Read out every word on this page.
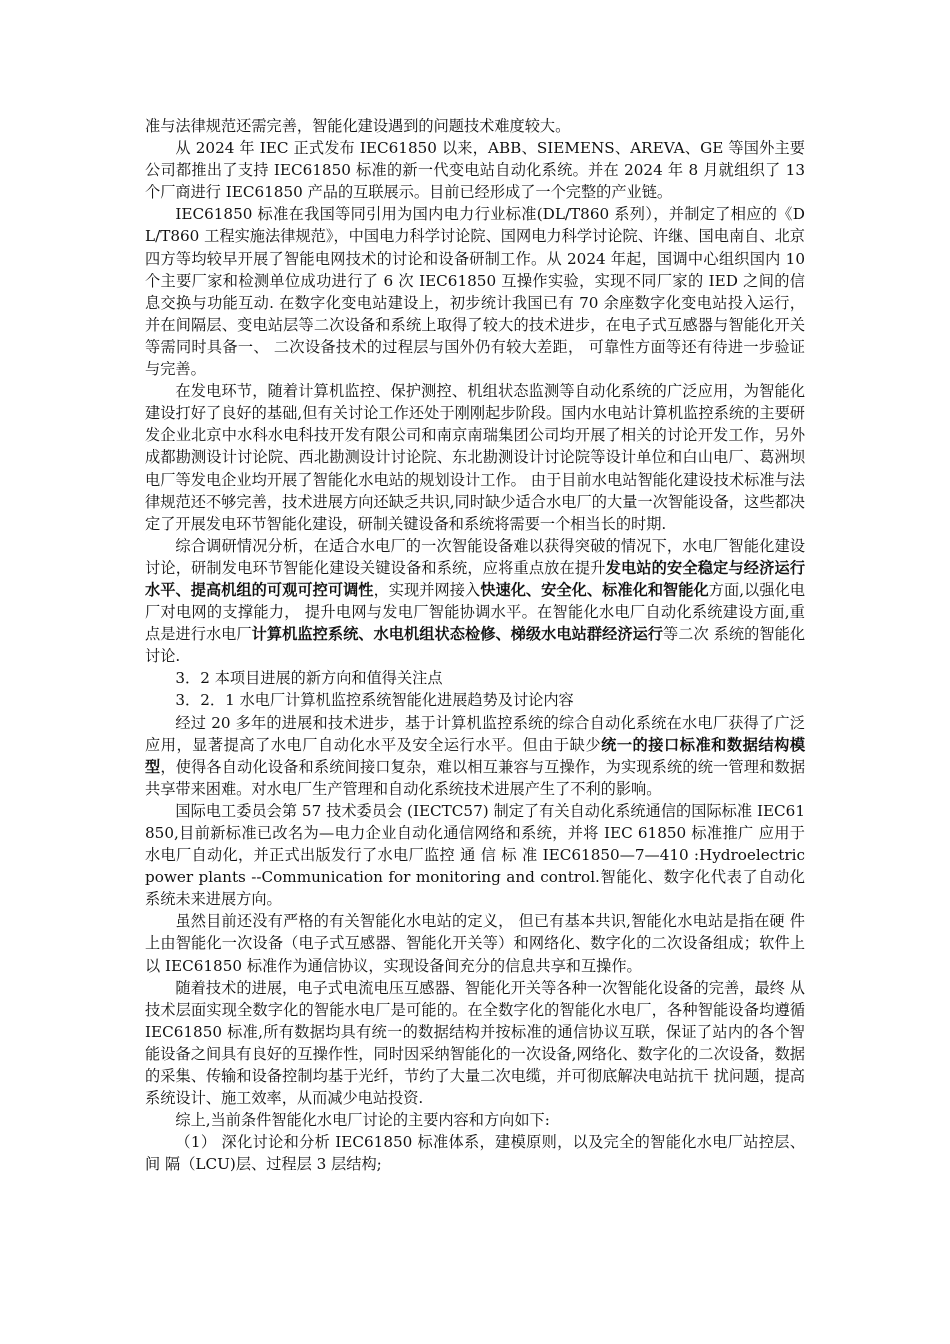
准与法律规范还需完善，智能化建设遇到的问题技术难度较大。

从 2024 年 IEC 正式发布 IEC61850 以来，ABB、SIEMENS、AREVA、GE 等国外主要公司都推出了支持 IEC61850 标准的新一代变电站自动化系统。并在 2024 年 8 月就组织了 13 个厂商进行 IEC61850 产品的互联展示。目前已经形成了一个完整的产业链。

IEC61850 标准在我国等同引用为国内电力行业标准(DL/T860 系列），并制定了相应的《DL/T860 工程实施法律规范》，中国电力科学讨论院、国网电力科学讨论院、许继、国电南自、北京四方等均较早开展了智能电网技术的讨论和设备研制工作。从 2024 年起，国调中心组织国内 10 个主要厂家和检测单位成功进行了 6 次 IEC61850 互操作实验，实现不同厂家的 IED 之间的信息交换与功能互动. 在数字化变电站建设上，初步统计我国已有 70 余座数字化变电站投入运行，并在间隔层、变电站层等二次设备和系统上取得了较大的技术进步，在电子式互感器与智能化开关等需同时具备一、 二次设备技术的过程层与国外仍有较大差距， 可靠性方面等还有待进一步验证与完善。

在发电环节，随着计算机监控、保护测控、机组状态监测等自动化系统的广泛应用，为智能化建设打好了良好的基础,但有关讨论工作还处于刚刚起步阶段。国内水电站计算机监控系统的主要研发企业北京中水科水电科技开发有限公司和南京南瑞集团公司均开展了相关的讨论开发工作，另外成都勘测设计讨论院、西北勘测设计讨论院、东北勘测设计讨论院等设计单位和白山电厂、葛洲坝电厂等发电企业均开展了智能化水电站的规划设计工作。 由于目前水电站智能化建设技术标准与法律规范还不够完善，技术进展方向还缺乏共识,同时缺少适合水电厂的大量一次智能设备，这些都决定了开展发电环节智能化建设，研制关键设备和系统将需要一个相当长的时期.

综合调研情况分析，在适合水电厂的一次智能设备难以获得突破的情况下，水电厂智能化建设讨论，研制发电环节智能化建设关键设备和系统，应将重点放在提升发电站的安全稳定与经济运行水平、提高机组的可观可控可调性，实现并网接入快速化、安全化、标准化和智能化方面,以强化电厂对电网的支撑能力， 提升电网与发电厂智能协调水平。在智能化水电厂自动化系统建设方面,重点是进行水电厂计算机监控系统、水电机组状态检修、梯级水电站群经济运行等二次 系统的智能化讨论.

3．2 本项目进展的新方向和值得关注点

3．2．1 水电厂计算机监控系统智能化进展趋势及讨论内容

经过 20 多年的进展和技术进步，基于计算机监控系统的综合自动化系统在水电厂获得了广泛应用，显著提高了水电厂自动化水平及安全运行水平。但由于缺少统一的接口标准和数据结构模型，使得各自动化设备和系统间接口复杂，难以相互兼容与互操作，为实现系统的统一管理和数据共享带来困难。对水电厂生产管理和自动化系统技术进展产生了不利的影响。

国际电工委员会第 57 技术委员会 (IECTC57) 制定了有关自动化系统通信的国际标准 IEC61850,目前新标准已改名为—电力企业自动化通信网络和系统，并将 IEC 61850 标准推广 应用于水电厂自动化，并正式出版发行了水电厂监控 通 信 标 准 IEC61850—7—410 :Hydroelectric power plants --Communication for monitoring and control.智能化、数字化代表了自动化系统未来进展方向。

虽然目前还没有严格的有关智能化水电站的定义， 但已有基本共识,智能化水电站是指在硬 件上由智能化一次设备（电子式互感器、智能化开关等）和网络化、数字化的二次设备组成；软件上以 IEC61850 标准作为通信协议，实现设备间充分的信息共享和互操作。

随着技术的进展，电子式电流电压互感器、智能化开关等各种一次智能化设备的完善，最终 从技术层面实现全数字化的智能水电厂是可能的。在全数字化的智能化水电厂，各种智能设备均遵循 IEC61850 标准,所有数据均具有统一的数据结构并按标准的通信协议互联，保证了站内的各个智能设备之间具有良好的互操作性，同时因采纳智能化的一次设备,网络化、数字化的二次设备，数据的采集、传输和设备控制均基于光纤，节约了大量二次电缆，并可彻底解决电站抗干 扰问题，提高系统设计、施工效率，从而减少电站投资.

综上,当前条件智能化水电厂讨论的主要内容和方向如下:

（1） 深化讨论和分析 IEC61850 标准体系，建模原则，以及完全的智能化水电厂站控层、间 隔（LCU)层、过程层 3 层结构;
